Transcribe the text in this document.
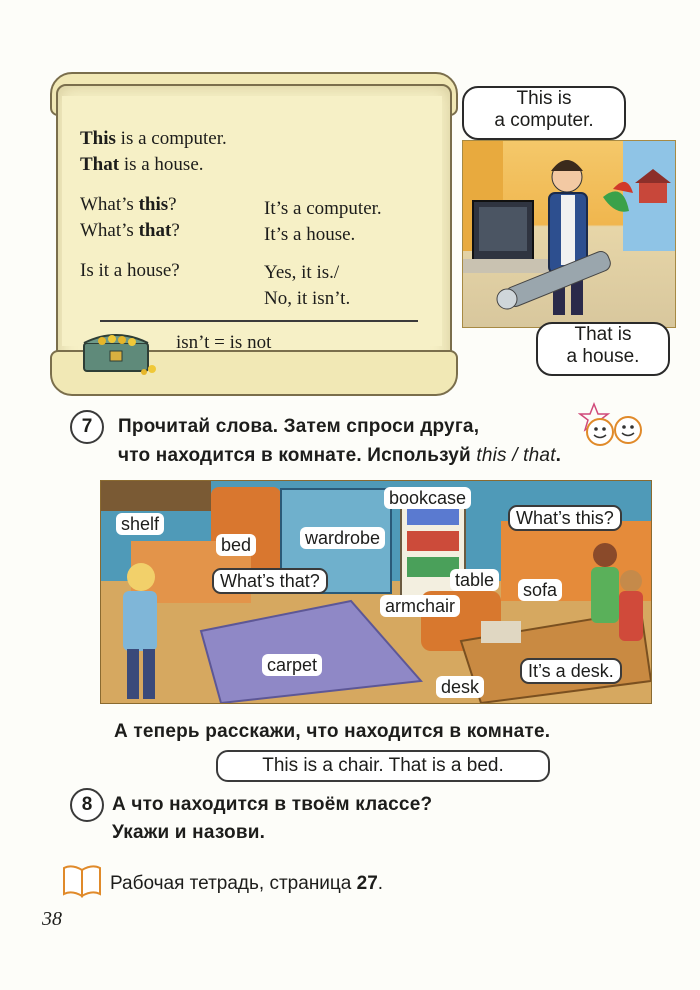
This is a computer.
That is a house.
What’s this?	It’s a computer.
What’s that?	It’s a house.
Is it a house?	Yes, it is./
No, it isn’t.
isn’t = is not
This is
a computer.
That is
a house.
7	Прочитай слова. Затем спроси друга,
что находится в комнате. Используй this / that.
shelf
bed	wardrobe
bookcase
What’s this?
What’s that?	table
armchair
sofa
carpet
desk
It’s a desk.
А теперь расскажи, что находится в комнате.
This is a chair. That is a bed.
8	А что находится в твоём классе?
Укажи и назови.
Рабочая тетрадь, страница 27.
38
